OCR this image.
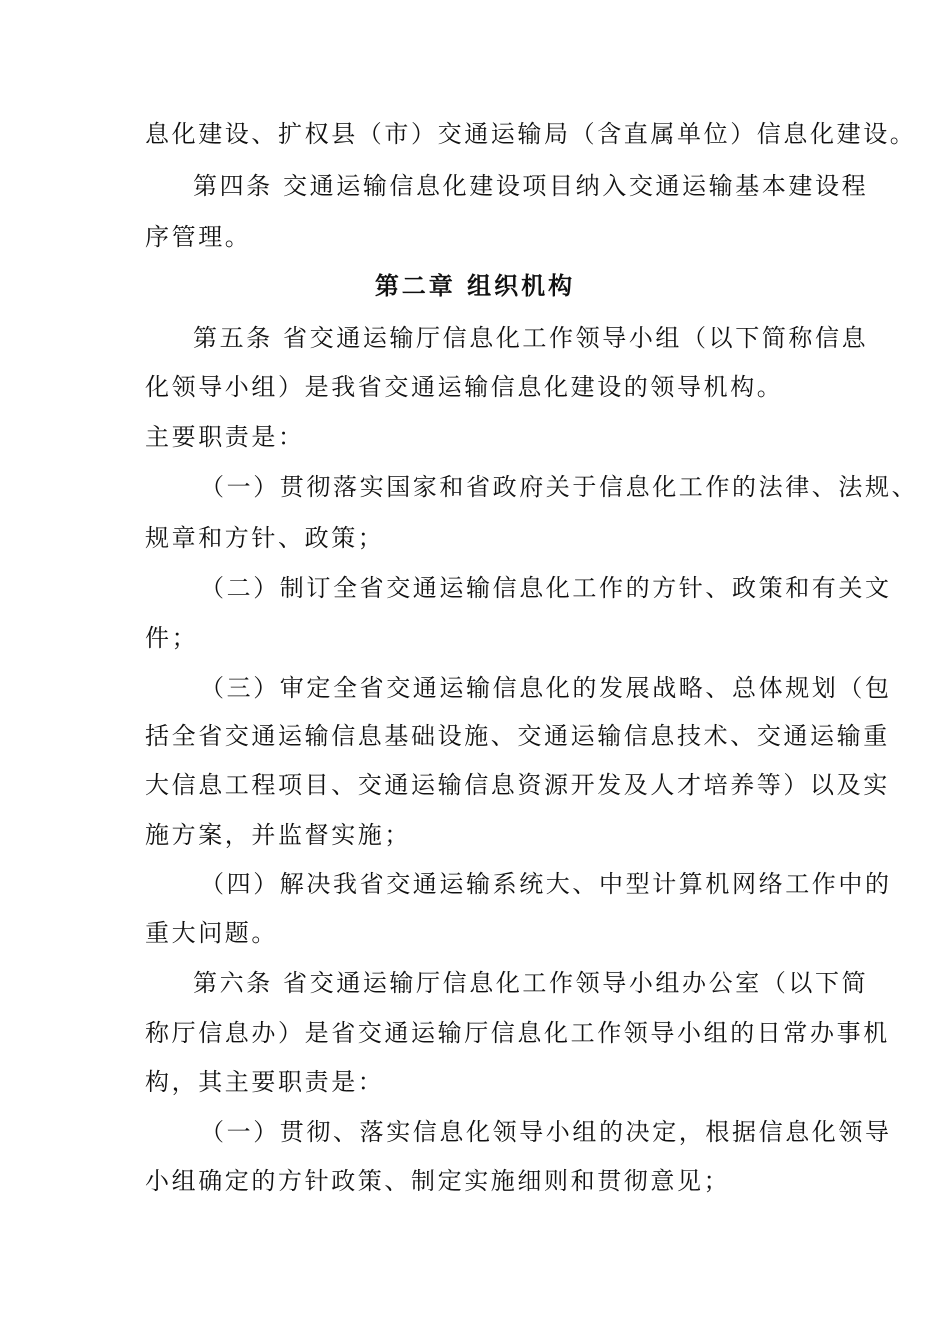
息化建设、扩权县（市）交通运输局（含直属单位）信息化建设。
第四条 交通运输信息化建设项目纳入交通运输基本建设程
序管理。
第二章 组织机构
第五条 省交通运输厅信息化工作领导小组（以下简称信息
化领导小组）是我省交通运输信息化建设的领导机构。
主要职责是：
（一）贯彻落实国家和省政府关于信息化工作的法律、法规、
规章和方针、政策；
（二）制订全省交通运输信息化工作的方针、政策和有关文
件；
（三）审定全省交通运输信息化的发展战略、总体规划（包
括全省交通运输信息基础设施、交通运输信息技术、交通运输重
大信息工程项目、交通运输信息资源开发及人才培养等）以及实
施方案，并监督实施；
（四）解决我省交通运输系统大、中型计算机网络工作中的
重大问题。
第六条 省交通运输厅信息化工作领导小组办公室（以下简
称厅信息办）是省交通运输厅信息化工作领导小组的日常办事机
构，其主要职责是：
（一）贯彻、落实信息化领导小组的决定，根据信息化领导
小组确定的方针政策、制定实施细则和贯彻意见；
